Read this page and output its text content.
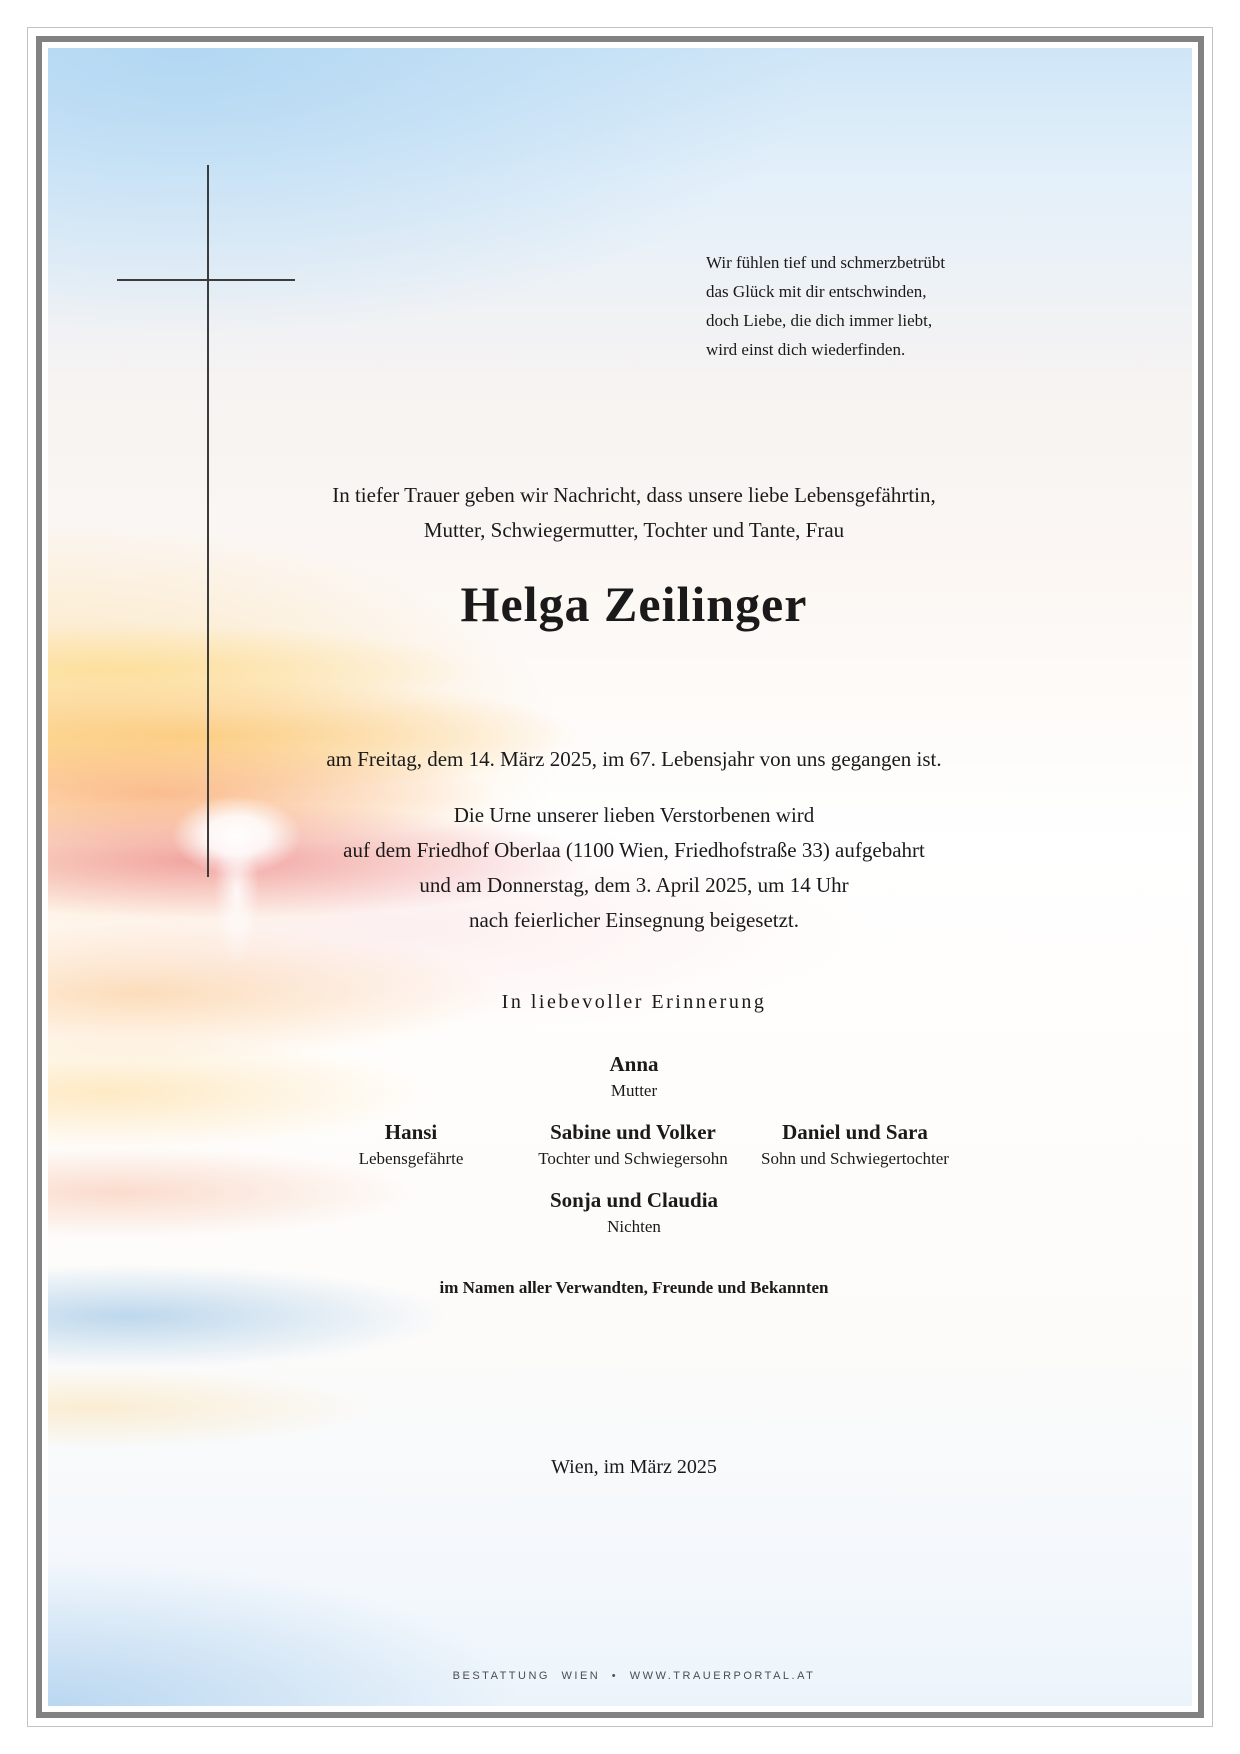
Wir fühlen tief und schmerzbetrübt
das Glück mit dir entschwinden,
doch Liebe, die dich immer liebt,
wird einst dich wiederfinden.
In tiefer Trauer geben wir Nachricht, dass unsere liebe Lebensgefährtin,
Mutter, Schwiegermutter, Tochter und Tante, Frau
Helga Zeilinger
am Freitag, dem 14. März 2025, im 67. Lebensjahr von uns gegangen ist.
Die Urne unserer lieben Verstorbenen wird
auf dem Friedhof Oberlaa (1100 Wien, Friedhofstraße 33) aufgebahrt
und am Donnerstag, dem 3. April 2025, um 14 Uhr
nach feierlicher Einsegnung beigesetzt.
In liebevoller Erinnerung
Anna
Mutter
Hansi
Lebensgefährte
Sabine und Volker
Tochter und Schwiegersohn
Daniel und Sara
Sohn und Schwiegertochter
Sonja und Claudia
Nichten
im Namen aller Verwandten, Freunde und Bekannten
Wien, im März 2025
BESTATTUNG WIEN • WWW.TRAUERPORTAL.AT
